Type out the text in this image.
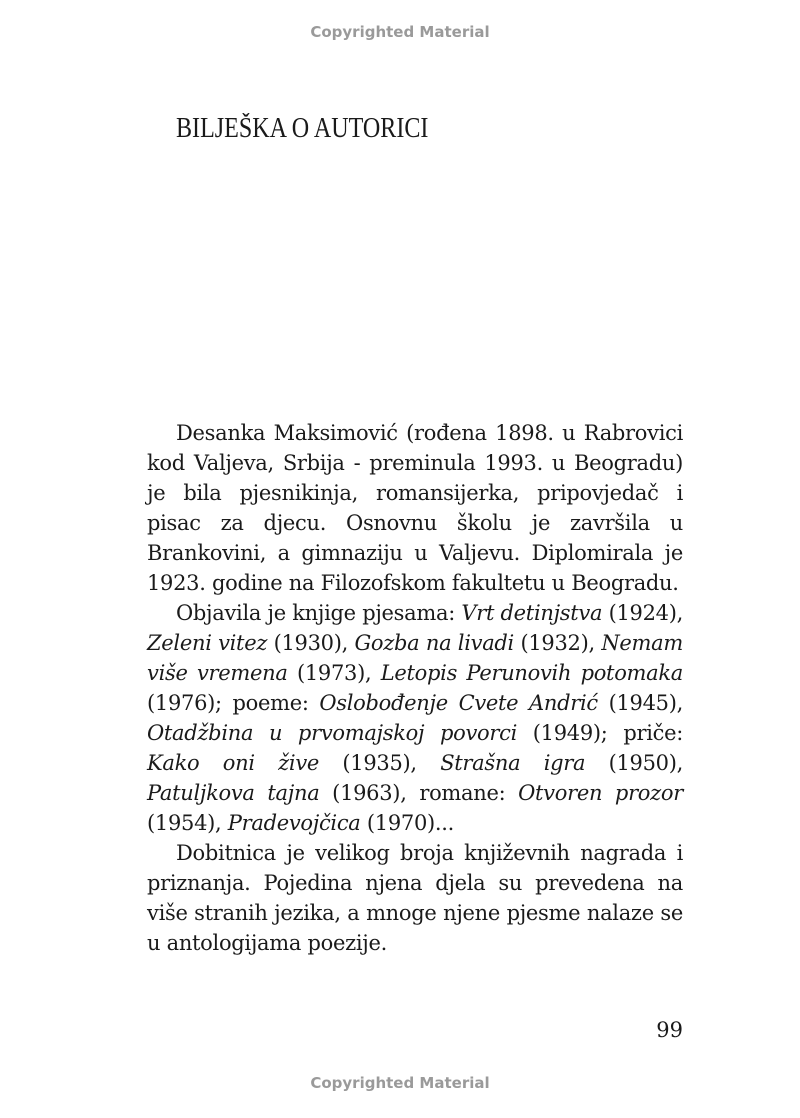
Copyrighted Material
BILJEŠKA O AUTORICI

Desanka Maksimović (rođena 1898. u Rabrovici kod Valjeva, Srbija - preminula 1993. u Beogradu) je bila pjesnikinja, romansijerka, pripovjedač i pisac za djecu. Osnovnu školu je završila u Brankovini, a gimnaziju u Valjevu. Diplomirala je 1923. godine na Filozofskom fakultetu u Beogradu.

Objavila je knjige pjesama: Vrt detinjstva (1924), Zeleni vitez (1930), Gozba na livadi (1932), Nemam više vremena (1973), Letopis Perunovih potomaka (1976); poeme: Oslobođenje Cvete Andrić (1945), Otadžbina u prvomajskoj povorci (1949); priče: Kako oni žive (1935), Strašna igra (1950), Patuljkova tajna (1963), romane: Otvoren prozor (1954), Pradevojčica (1970)...

Dobitnica je velikog broja književnih nagrada i priznanja. Pojedina njena djela su prevedena na više stranih jezika, a mnoge njene pjesme nalaze se u antologijama poezije.

99
Copyrighted Material
